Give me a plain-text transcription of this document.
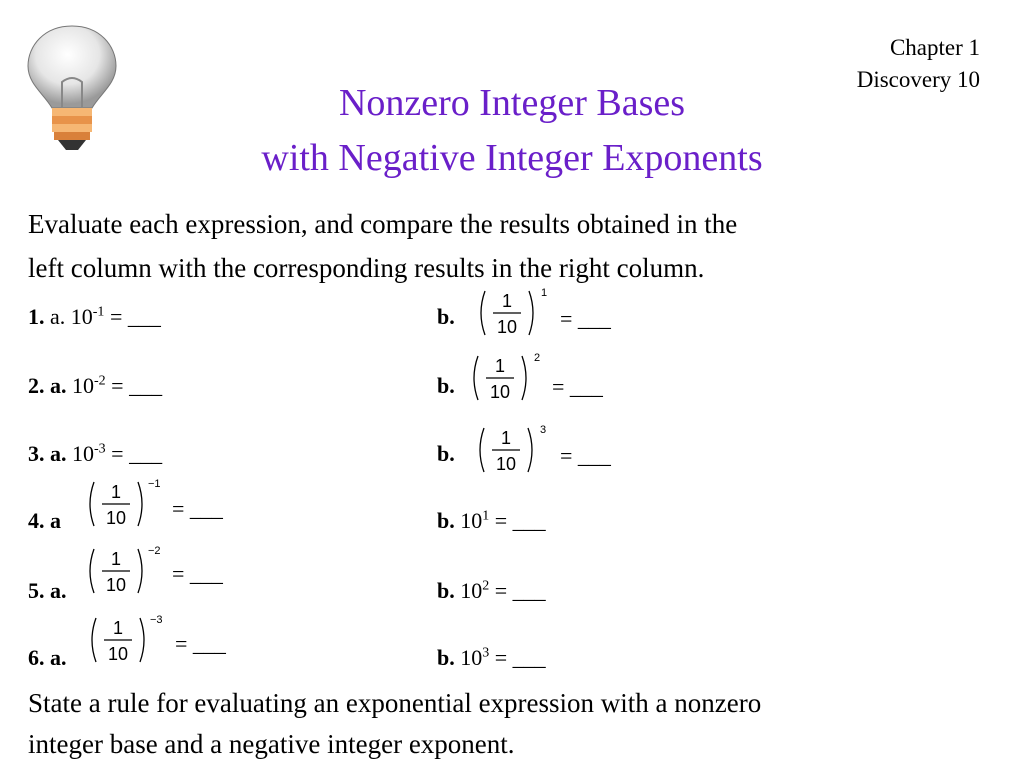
Chapter 1
Discovery 10
Nonzero Integer Bases
with Negative Integer Exponents
Evaluate each expression, and compare the results obtained in the
left column with the corresponding results in the right column.
1. a. $10^{-1}$ = ___
2. a. $10^{-2}$ = ___
3. a. $10^{-3}$ = ___
4. a
5. a.
6. a.
1
10
−1
= ___
1
10
−2
= ___
1
10
−3
= ___
b.
1
10
1
= ___
b.
1
10
2
= ___
b.
1
10
3
= ___
b. $10^1$ = ___
b. $10^2$ = ___
b. $10^3$ = ___
State a rule for evaluating an exponential expression with a nonzero
integer base and a negative integer exponent.
